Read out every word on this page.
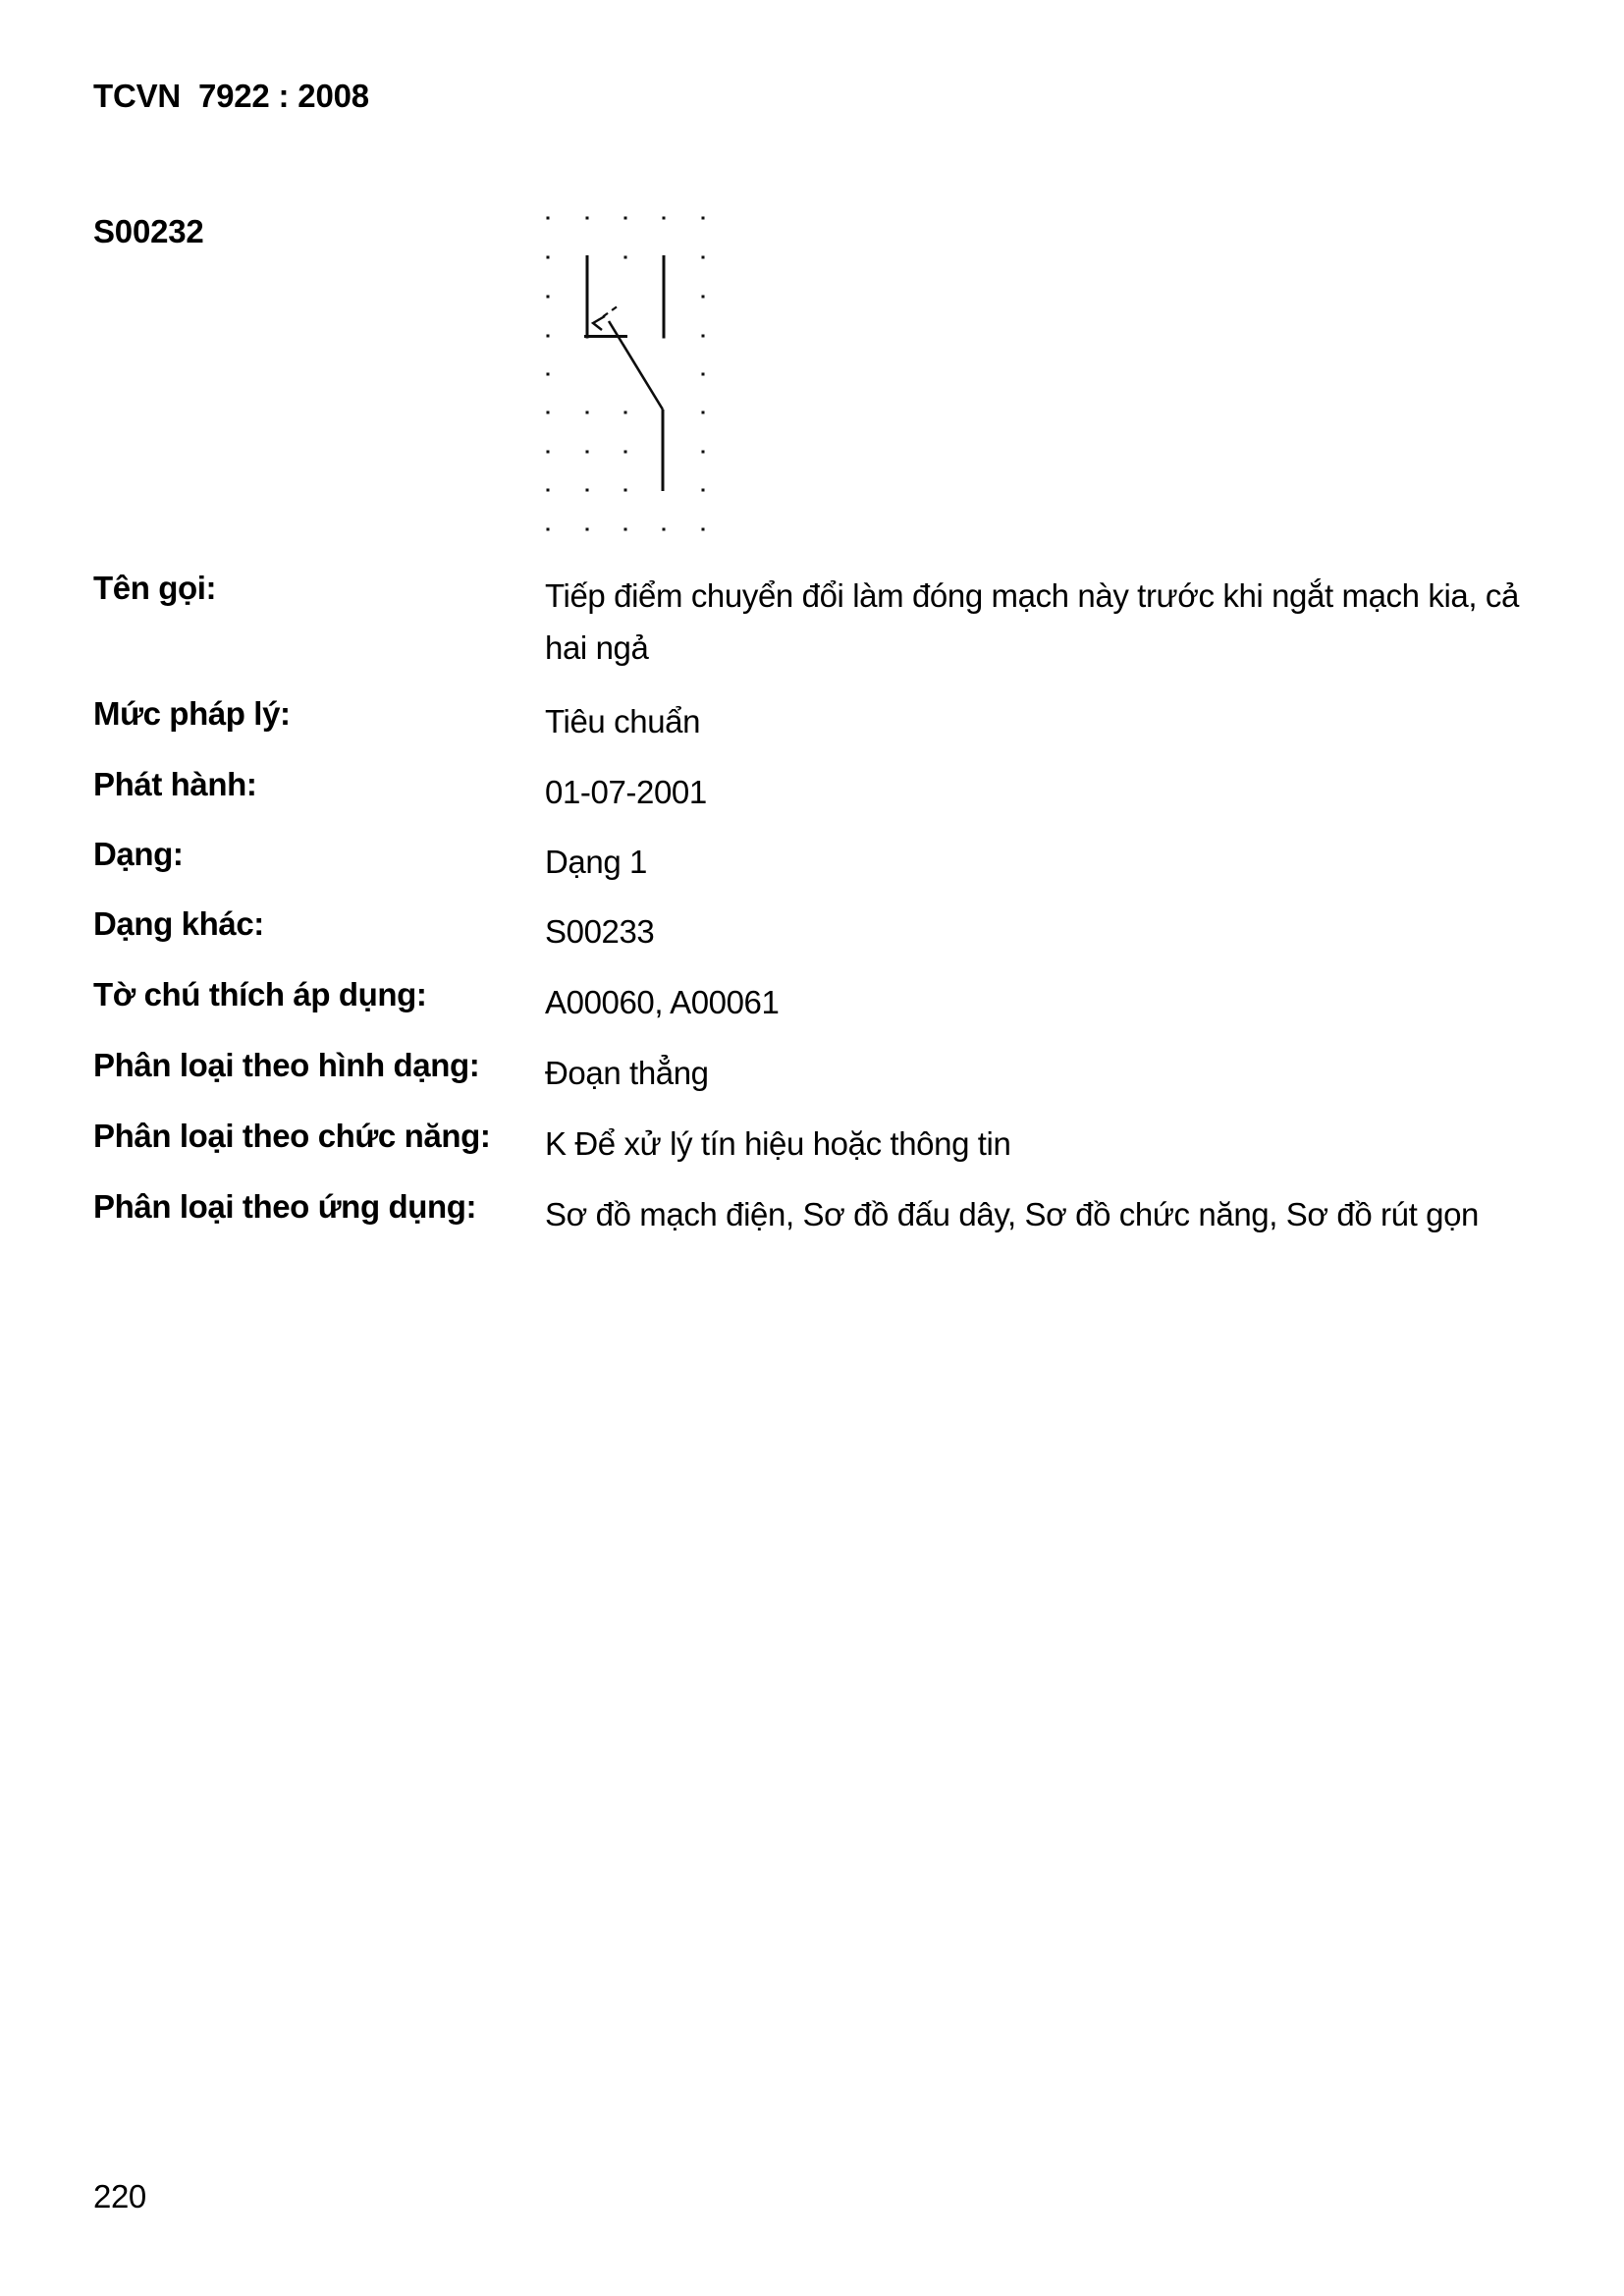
TCVN  7922 : 2008
S00232
Tên gọi:	Tiếp điểm chuyển đổi làm đóng mạch này trước khi ngắt mạch kia, cả
hai ngả
Mức pháp lý:	Tiêu chuẩn
Phát hành:	01-07-2001
Dạng:	Dạng 1
Dạng khác:	S00233
Tờ chú thích áp dụng:	A00060, A00061
Phân loại theo hình dạng: Đoạn thẳng
Phân loại theo chức năng: K Để xử lý tín hiệu hoặc thông tin
Phân loại theo ứng dụng: Sơ đồ mạch điện, Sơ đồ đấu dây, Sơ đồ chức năng, Sơ đồ rút gọn
220
